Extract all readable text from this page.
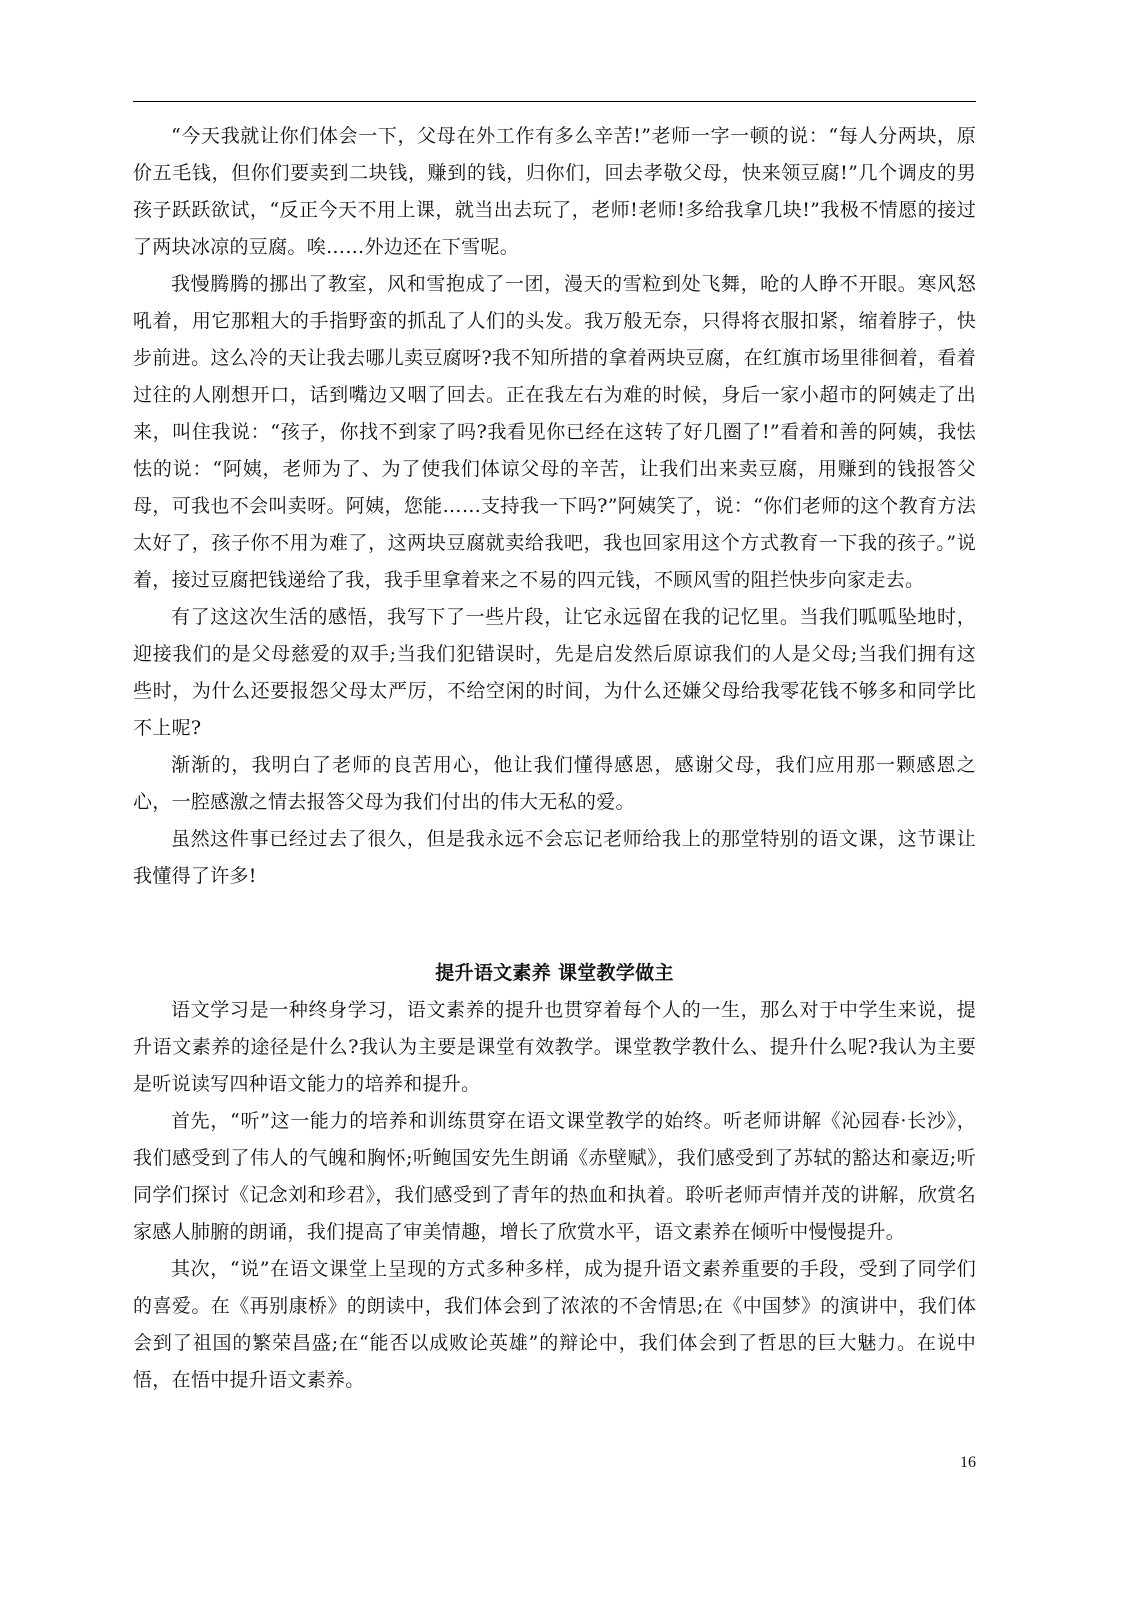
“今天我就让你们体会一下，父母在外工作有多么辛苦!”老师一字一顿的说：“每人分两块，原价五毛钱，但你们要卖到二块钱，赚到的钱，归你们，回去孝敬父母，快来领豆腐!”几个调皮的男孩子跃跃欲试，“反正今天不用上课，就当出去玩了，老师!老师!多给我拿几块!”我极不情愿的接过了两块冰凉的豆腐。唉……外边还在下雪呢。

我慢腾腾的挪出了教室，风和雪抱成了一团，漫天的雪粒到处飞舞，呛的人睁不开眼。寒风怒吼着，用它那粗大的手指野蛮的抓乱了人们的头发。我万般无奈，只得将衣服扣紧，缩着脖子，快步前进。这么冷的天让我去哪儿卖豆腐呀?我不知所措的拿着两块豆腐，在红旗市场里徘徊着，看着过往的人刚想开口，话到嘴边又咽了回去。正在我左右为难的时候，身后一家小超市的阿姨走了出来，叫住我说：“孩子，你找不到家了吗?我看见你已经在这转了好几圈了!”看着和善的阿姨，我怯怯的说：“阿姨，老师为了、为了使我们体谅父母的辛苦，让我们出来卖豆腐，用赚到的钱报答父母，可我也不会叫卖呀。阿姨，您能……支持我一下吗?”阿姨笑了，说：“你们老师的这个教育方法太好了，孩子你不用为难了，这两块豆腐就卖给我吧，我也回家用这个方式教育一下我的孩子。”说着，接过豆腐把钱递给了我，我手里拿着来之不易的四元钱，不顾风雪的阻拦快步向家走去。

有了这这次生活的感悟，我写下了一些片段，让它永远留在我的记忆里。当我们呱呱坠地时，迎接我们的是父母慈爱的双手;当我们犯错误时，先是启发然后原谅我们的人是父母;当我们拥有这些时，为什么还要报怨父母太严厉，不给空闲的时间，为什么还嫌父母给我零花钱不够多和同学比不上呢?

渐渐的，我明白了老师的良苦用心，他让我们懂得感恩，感谢父母，我们应用那一颗感恩之心，一腔感激之情去报答父母为我们付出的伟大无私的爱。

虽然这件事已经过去了很久，但是我永远不会忘记老师给我上的那堂特别的语文课，这节课让我懂得了许多!

提升语文素养 课堂教学做主

语文学习是一种终身学习，语文素养的提升也贯穿着每个人的一生，那么对于中学生来说，提升语文素养的途径是什么?我认为主要是课堂有效教学。课堂教学教什么、提升什么呢?我认为主要是听说读写四种语文能力的培养和提升。

首先，“听”这一能力的培养和训练贯穿在语文课堂教学的始终。听老师讲解《沁园春·长沙》，我们感受到了伟人的气魄和胸怀;听鲍国安先生朗诵《赤壁赋》，我们感受到了苏轼的豁达和豪迈;听同学们探讨《记念刘和珍君》，我们感受到了青年的热血和执着。聆听老师声情并茂的讲解，欣赏名家感人肺腑的朗诵，我们提高了审美情趣，增长了欣赏水平，语文素养在倾听中慢慢提升。

其次，“说”在语文课堂上呈现的方式多种多样，成为提升语文素养重要的手段，受到了同学们的喜爱。在《再别康桥》的朗读中，我们体会到了浓浓的不舍情思;在《中国梦》的演讲中，我们体会到了祖国的繁荣昌盛;在“能否以成败论英雄”的辩论中，我们体会到了哲思的巨大魅力。在说中悟，在悟中提升语文素养。

16
